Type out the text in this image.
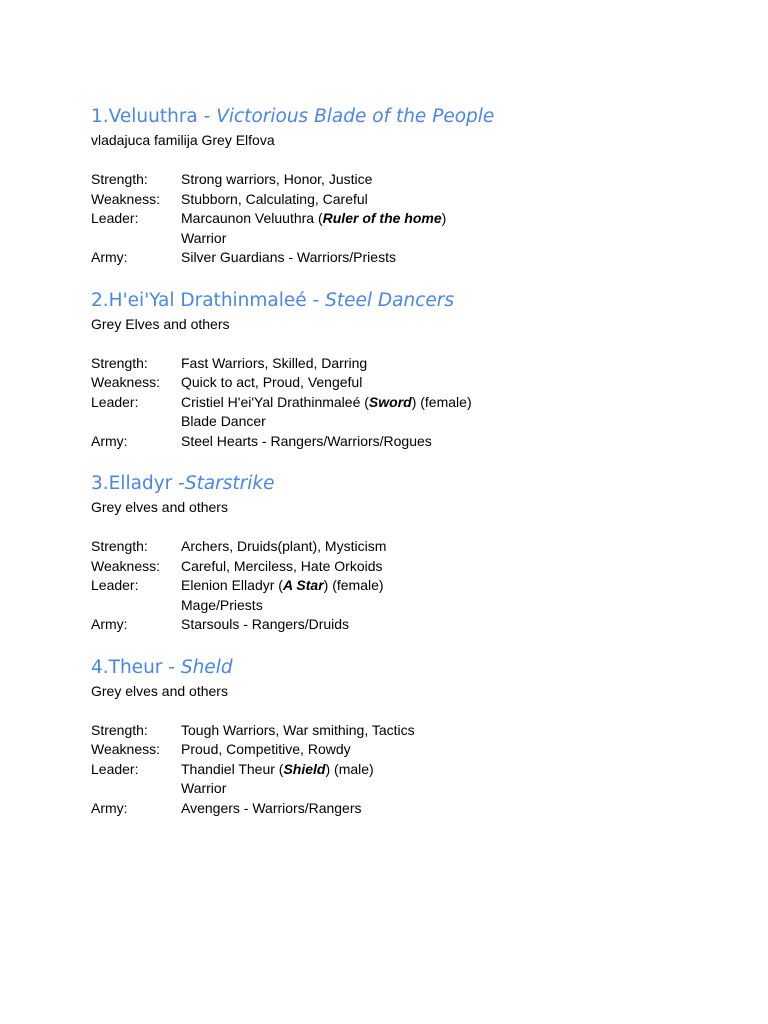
1.Veluuthra - Victorious Blade of the People
vladajuca familija Grey Elfova
Strength:	Strong warriors, Honor, Justice
Weakness:	Stubborn, Calculating, Careful
Leader:	Marcaunon Veluuthra (Ruler of the home)
Warrior
Army:	Silver Guardians - Warriors/Priests
2.H'ei'Yal Drathinmaleé - Steel Dancers
Grey Elves and others
Strength:	Fast Warriors, Skilled, Darring
Weakness:	Quick to act, Proud, Vengeful
Leader:	Cristiel H'ei'Yal Drathinmaleé (Sword) (female)
Blade Dancer
Army:	Steel Hearts - Rangers/Warriors/Rogues
3.Elladyr -Starstrike
Grey elves and others
Strength:	Archers, Druids(plant), Mysticism
Weakness:	Careful, Merciless, Hate Orkoids
Leader:	Elenion Elladyr (A Star) (female)
Mage/Priests
Army:	Starsouls - Rangers/Druids
4.Theur - Sheld
Grey elves and others
Strength:	Tough Warriors, War smithing, Tactics
Weakness:	Proud, Competitive, Rowdy
Leader:	Thandiel Theur (Shield) (male)
Warrior
Army:	Avengers - Warriors/Rangers
